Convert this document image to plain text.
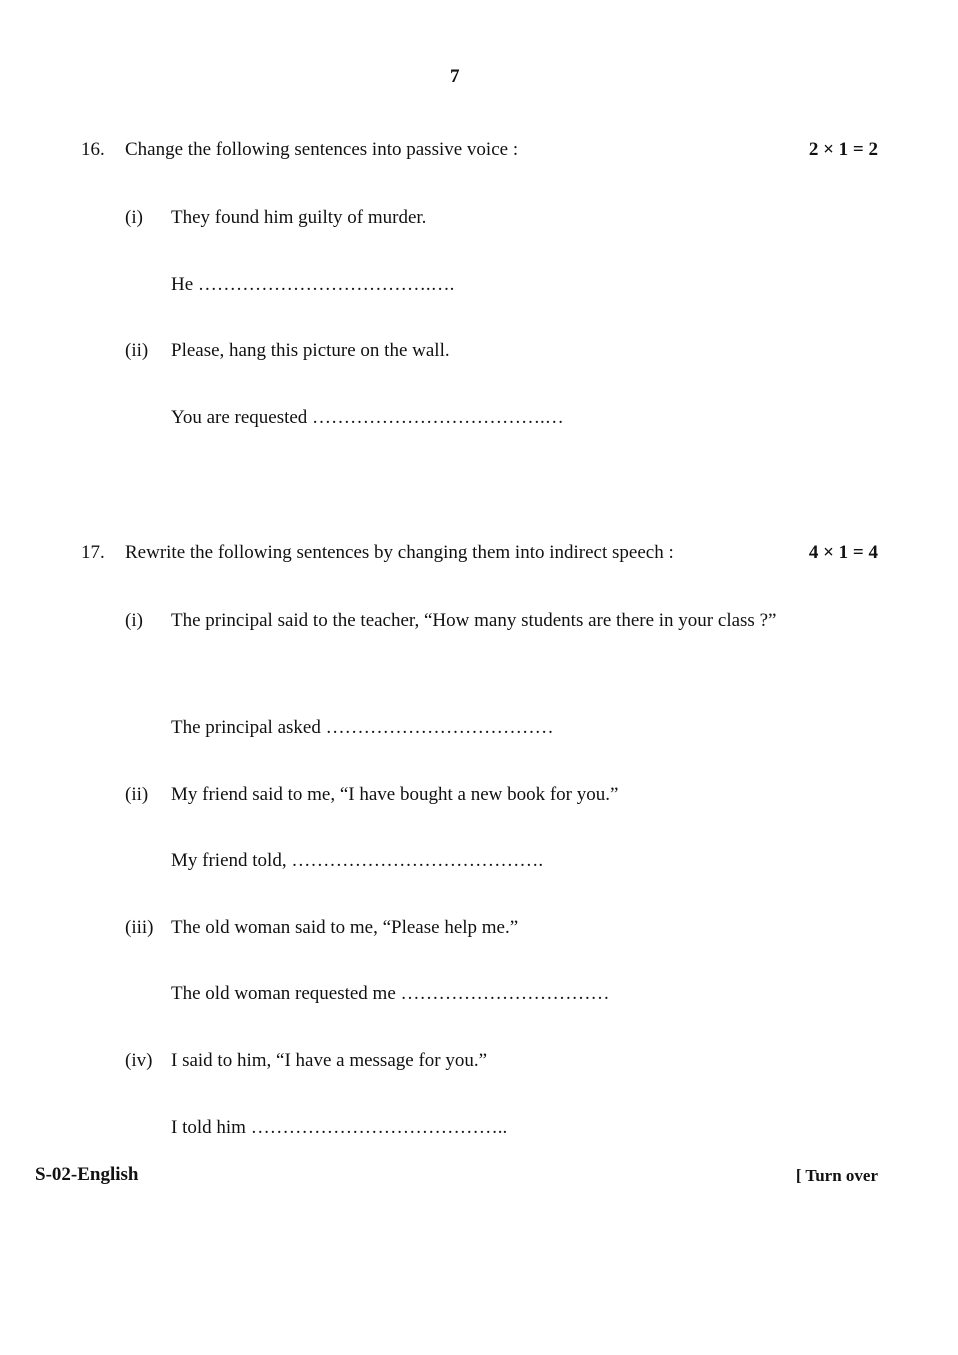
7
16. Change the following sentences into passive voice :	2 × 1 = 2
(i) They found him guilty of murder.
He ……………………………….….
(ii) Please, hang this picture on the wall.
You are requested ……………………………….…
17. Rewrite the following sentences by changing them into indirect speech :	4 × 1 = 4
(i) The principal said to the teacher, “How many students are there in your class ?”
The principal asked ………………………………
(ii) My friend said to me, “I have bought a new book for you.”
My friend told, ………………………………….
(iii) The old woman said to me, “Please help me.”
The old woman requested me ……………………………
(iv) I said to him, “I have a message for you.”
I told him …………………………………..
S-02-English	[ Turn over
